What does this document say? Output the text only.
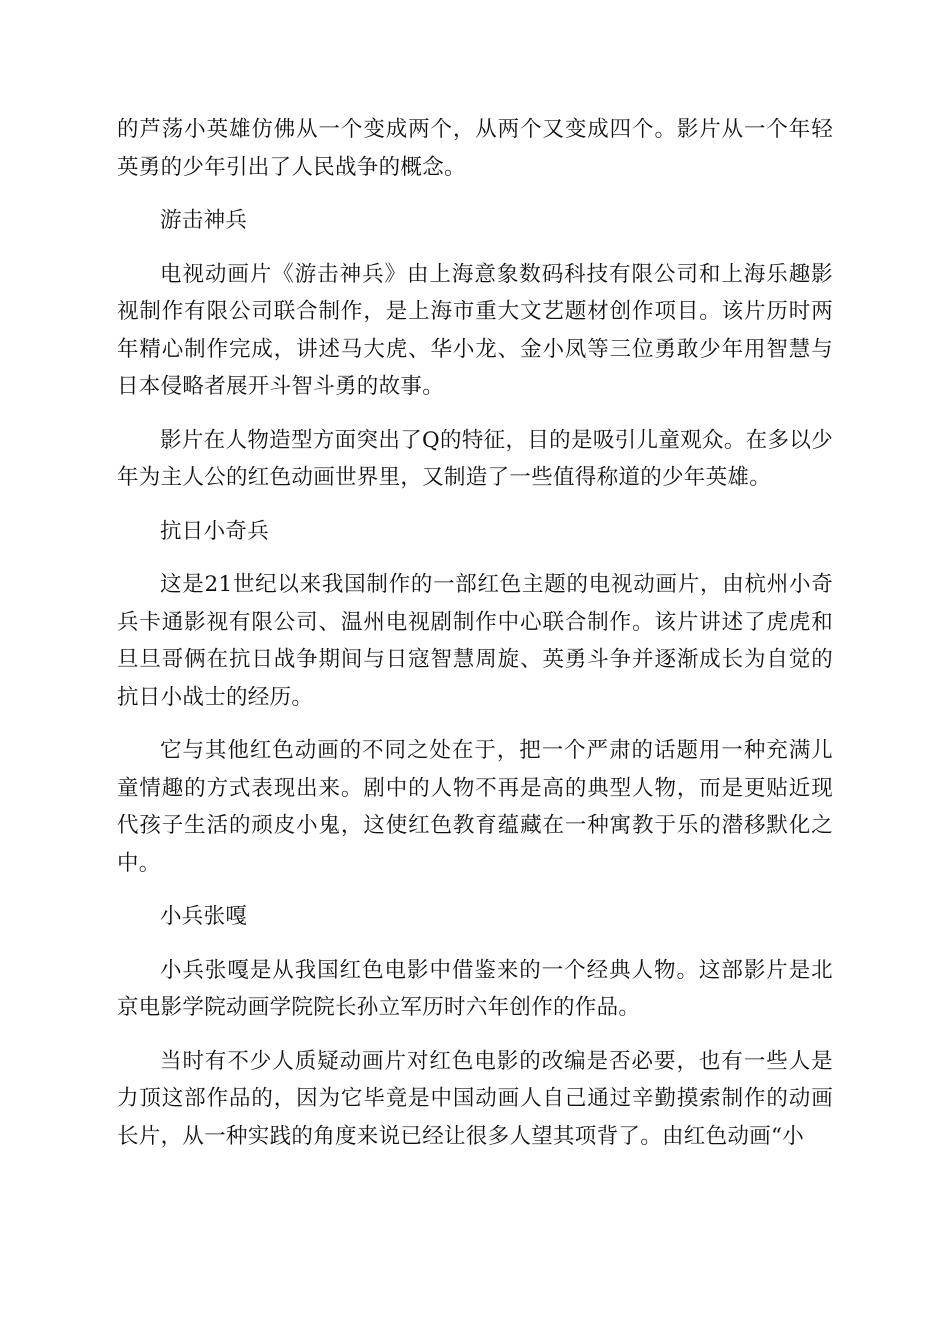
的芦荡小英雄仿佛从一个变成两个，从两个又变成四个。影片从一个年轻英勇的少年引出了人民战争的概念。

游击神兵

电视动画片《游击神兵》由上海意象数码科技有限公司和上海乐趣影视制作有限公司联合制作，是上海市重大文艺题材创作项目。该片历时两年精心制作完成，讲述马大虎、华小龙、金小凤等三位勇敢少年用智慧与日本侵略者展开斗智斗勇的故事。

影片在人物造型方面突出了Q的特征，目的是吸引儿童观众。在多以少年为主人公的红色动画世界里，又制造了一些值得称道的少年英雄。

抗日小奇兵

这是21世纪以来我国制作的一部红色主题的电视动画片，由杭州小奇兵卡通影视有限公司、温州电视剧制作中心联合制作。该片讲述了虎虎和旦旦哥俩在抗日战争期间与日寇智慧周旋、英勇斗争并逐渐成长为自觉的抗日小战士的经历。

它与其他红色动画的不同之处在于，把一个严肃的话题用一种充满儿童情趣的方式表现出来。剧中的人物不再是高的典型人物，而是更贴近现代孩子生活的顽皮小鬼，这使红色教育蕴藏在一种寓教于乐的潜移默化之中。

小兵张嘎

小兵张嘎是从我国红色电影中借鉴来的一个经典人物。这部影片是北京电影学院动画学院院长孙立军历时六年创作的作品。

当时有不少人质疑动画片对红色电影的改编是否必要，也有一些人是力顶这部作品的，因为它毕竟是中国动画人自己通过辛勤摸索制作的动画长片，从一种实践的角度来说已经让很多人望其项背了。由红色动画“小
